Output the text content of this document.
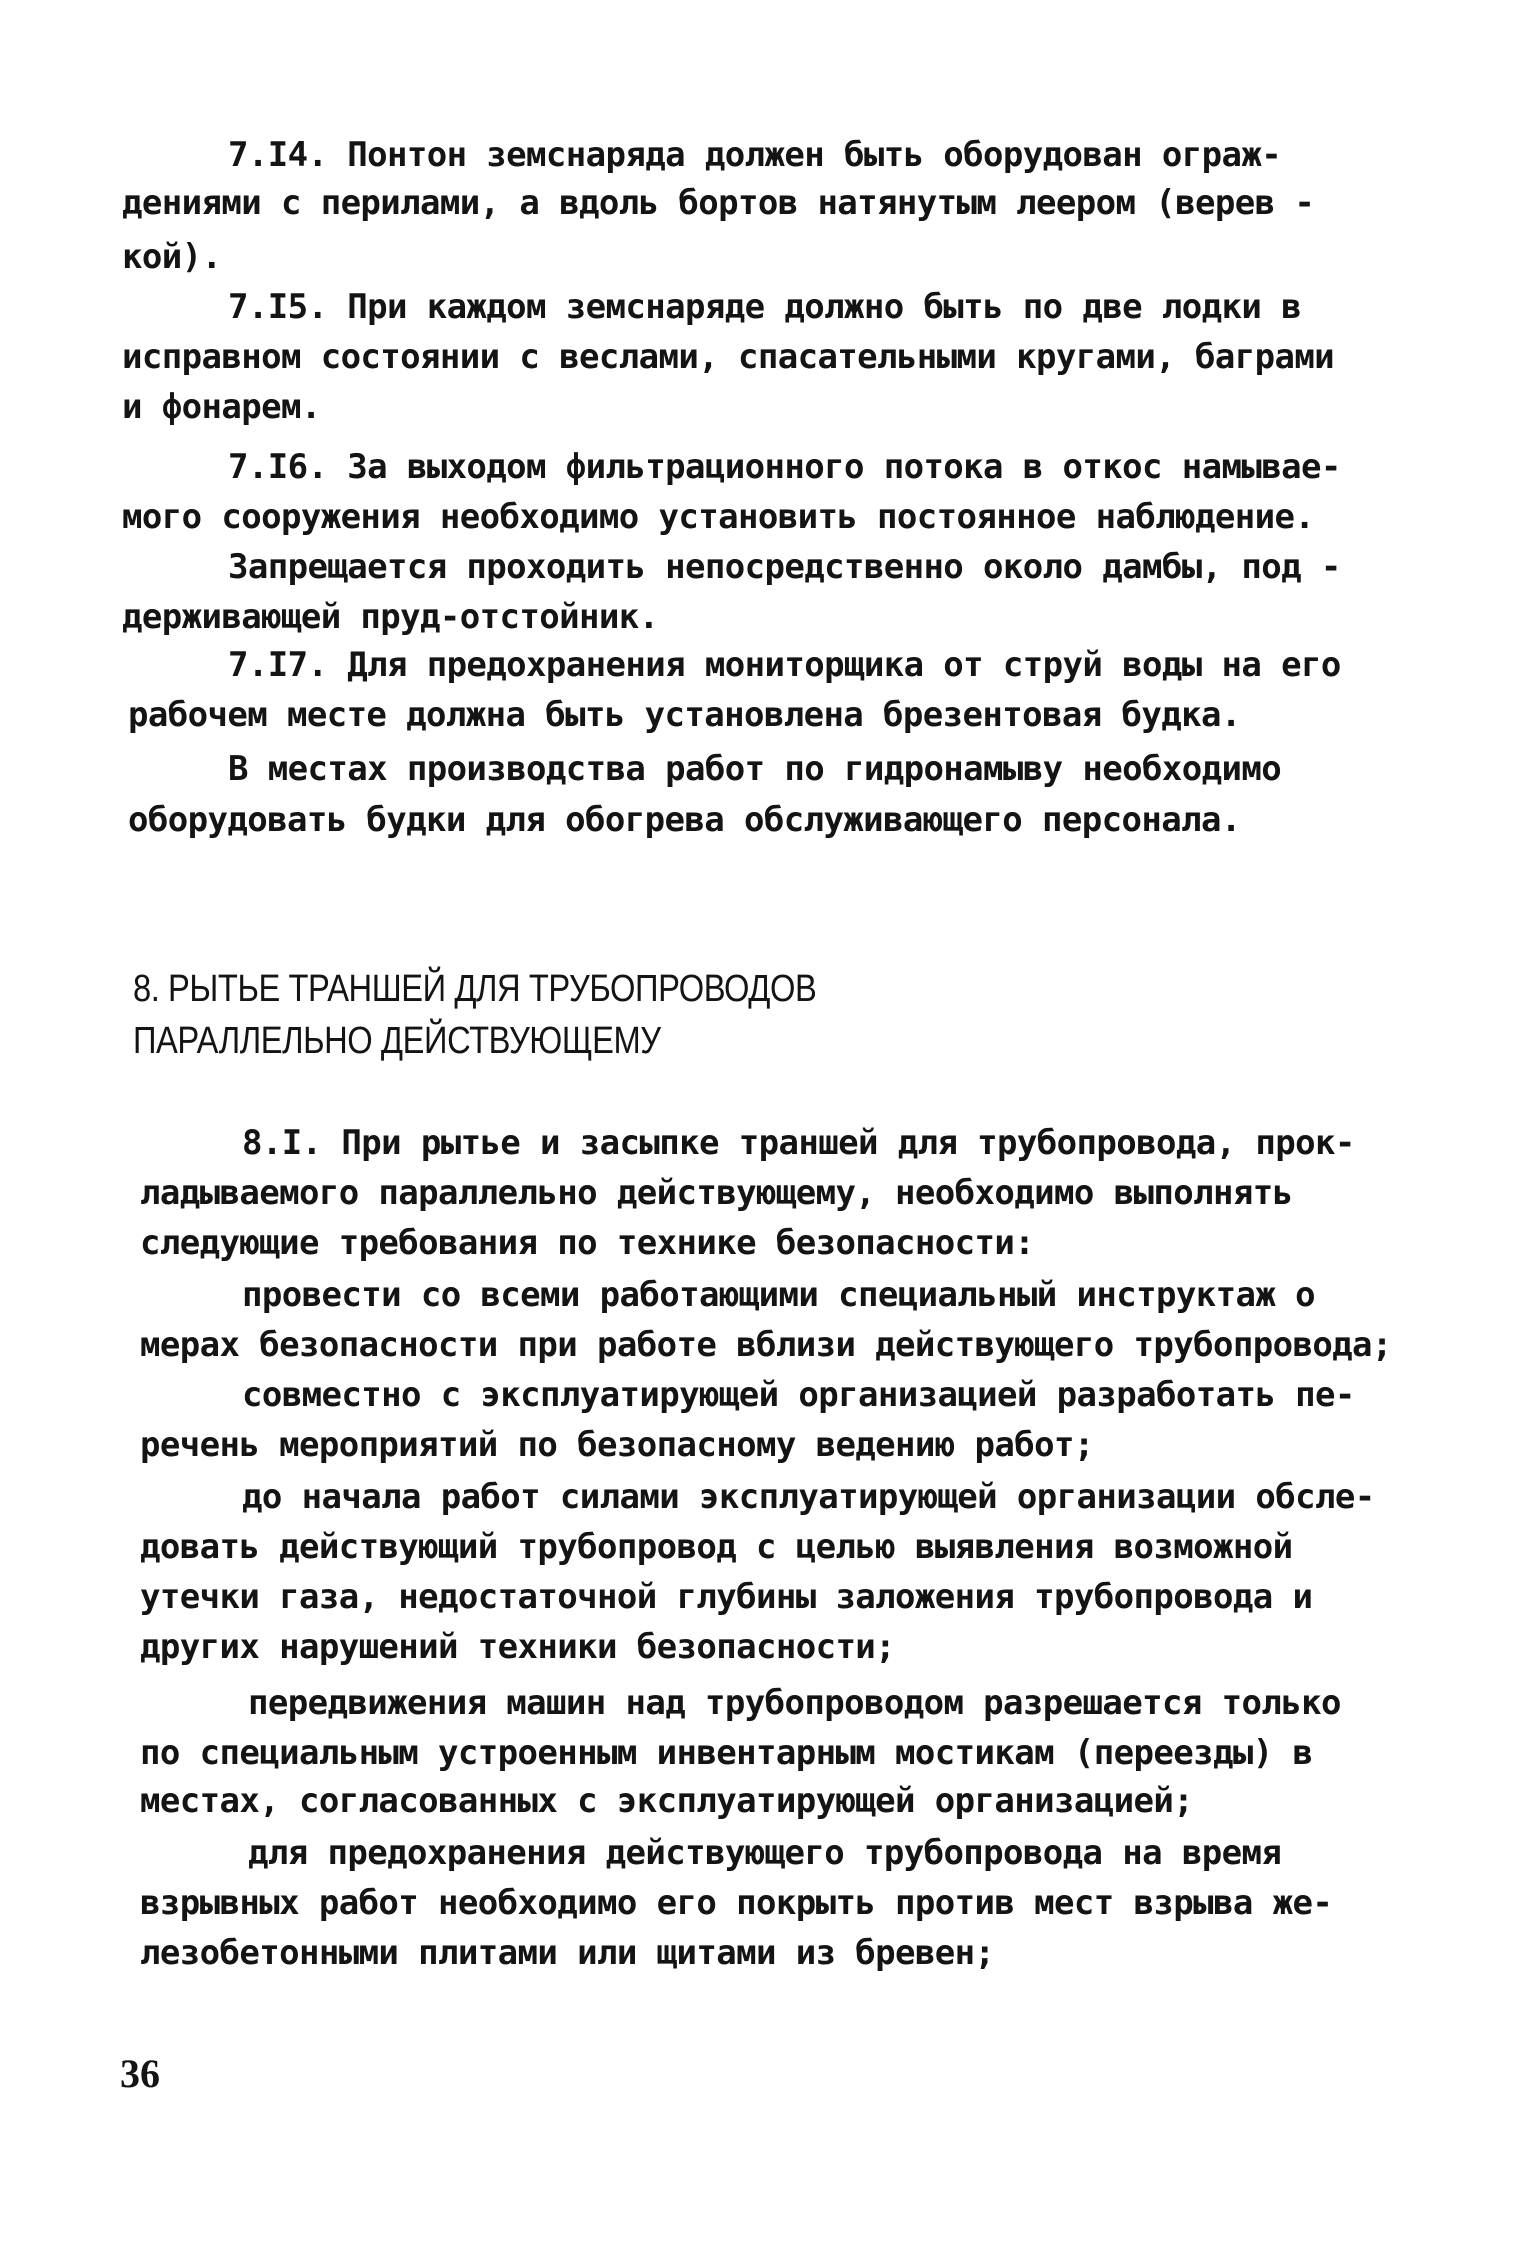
7.I4. Понтон земснаряда должен быть оборудован ограж-
дениями с перилами, а вдоль бортов натянутым леером (верев -
кой).
7.I5. При каждом земснаряде должно быть по две лодки в
исправном состоянии с веслами, спасательными кругами, баграми
и фонарем.
7.I6. За выходом фильтрационного потока в откос намывае-
мого сооружения необходимо установить постоянное наблюдение.
Запрещается проходить непосредственно около дамбы, под -
держивающей пруд-отстойник.
7.I7. Для предохранения мониторщика от струй воды на его
рабочем месте должна быть установлена брезентовая будка.
В местах производства работ по гидронамыву необходимо
оборудовать будки для обогрева обслуживающего персонала.
8. РЫТЬЕ ТРАНШЕЙ ДЛЯ ТРУБОПРОВОДОВ
ПАРАЛЛЕЛЬНО ДЕЙСТВУЮЩЕМУ
8.I. При рытье и засыпке траншей для трубопровода, прок-
ладываемого параллельно действующему, необходимо выполнять
следующие требования по технике безопасности:
провести со всеми работающими специальный инструктаж о
мерах безопасности при работе вблизи действующего трубопровода;
совместно с эксплуатирующей организацией разработать пе-
речень мероприятий по безопасному ведению работ;
до начала работ силами эксплуатирующей организации обсле-
довать действующий трубопровод с целью выявления возможной
утечки газа, недостаточной глубины заложения трубопровода и
других нарушений техники безопасности;
передвижения машин над трубопроводом разрешается только
по специальным устроенным инвентарным мостикам (переезды) в
местах, согласованных с эксплуатирующей организацией;
для предохранения действующего трубопровода на время
взрывных работ необходимо его покрыть против мест взрыва же-
лезобетонными плитами или щитами из бревен;
36
